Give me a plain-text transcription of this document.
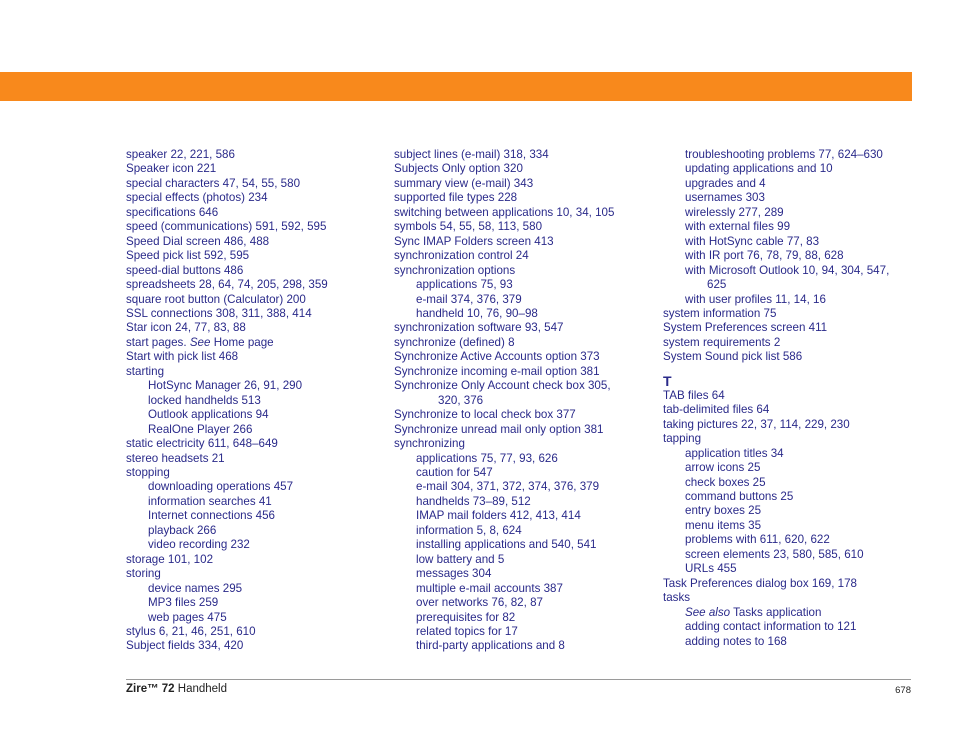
speaker 22, 221, 586
Speaker icon 221
special characters 47, 54, 55, 580
special effects (photos) 234
specifications 646
speed (communications) 591, 592, 595
Speed Dial screen 486, 488
Speed pick list 592, 595
speed-dial buttons 486
spreadsheets 28, 64, 74, 205, 298, 359
square root button (Calculator) 200
SSL connections 308, 311, 388, 414
Star icon 24, 77, 83, 88
start pages. See Home page
Start with pick list 468
starting
HotSync Manager 26, 91, 290
locked handhelds 513
Outlook applications 94
RealOne Player 266
static electricity 611, 648–649
stereo headsets 21
stopping
downloading operations 457
information searches 41
Internet connections 456
playback 266
video recording 232
storage 101, 102
storing
device names 295
MP3 files 259
web pages 475
stylus 6, 21, 46, 251, 610
Subject fields 334, 420
subject lines (e-mail) 318, 334
Subjects Only option 320
summary view (e-mail) 343
supported file types 228
switching between applications 10, 34, 105
symbols 54, 55, 58, 113, 580
Sync IMAP Folders screen 413
synchronization control 24
synchronization options
applications 75, 93
e-mail 374, 376, 379
handheld 10, 76, 90–98
synchronization software 93, 547
synchronize (defined) 8
Synchronize Active Accounts option 373
Synchronize incoming e-mail option 381
Synchronize Only Account check box 305,
320, 376
Synchronize to local check box 377
Synchronize unread mail only option 381
synchronizing
applications 75, 77, 93, 626
caution for 547
e-mail 304, 371, 372, 374, 376, 379
handhelds 73–89, 512
IMAP mail folders 412, 413, 414
information 5, 8, 624
installing applications and 540, 541
low battery and 5
messages 304
multiple e-mail accounts 387
over networks 76, 82, 87
prerequisites for 82
related topics for 17
third-party applications and 8
troubleshooting problems 77, 624–630
updating applications and 10
upgrades and 4
usernames 303
wirelessly 277, 289
with external files 99
with HotSync cable 77, 83
with IR port 76, 78, 79, 88, 628
with Microsoft Outlook 10, 94, 304, 547,
625
with user profiles 11, 14, 16
system information 75
System Preferences screen 411
system requirements 2
System Sound pick list 586
T
TAB files 64
tab-delimited files 64
taking pictures 22, 37, 114, 229, 230
tapping
application titles 34
arrow icons 25
check boxes 25
command buttons 25
entry boxes 25
menu items 35
problems with 611, 620, 622
screen elements 23, 580, 585, 610
URLs 455
Task Preferences dialog box 169, 178
tasks
See also Tasks application
adding contact information to 121
adding notes to 168
Zire™ 72 Handheld	678
